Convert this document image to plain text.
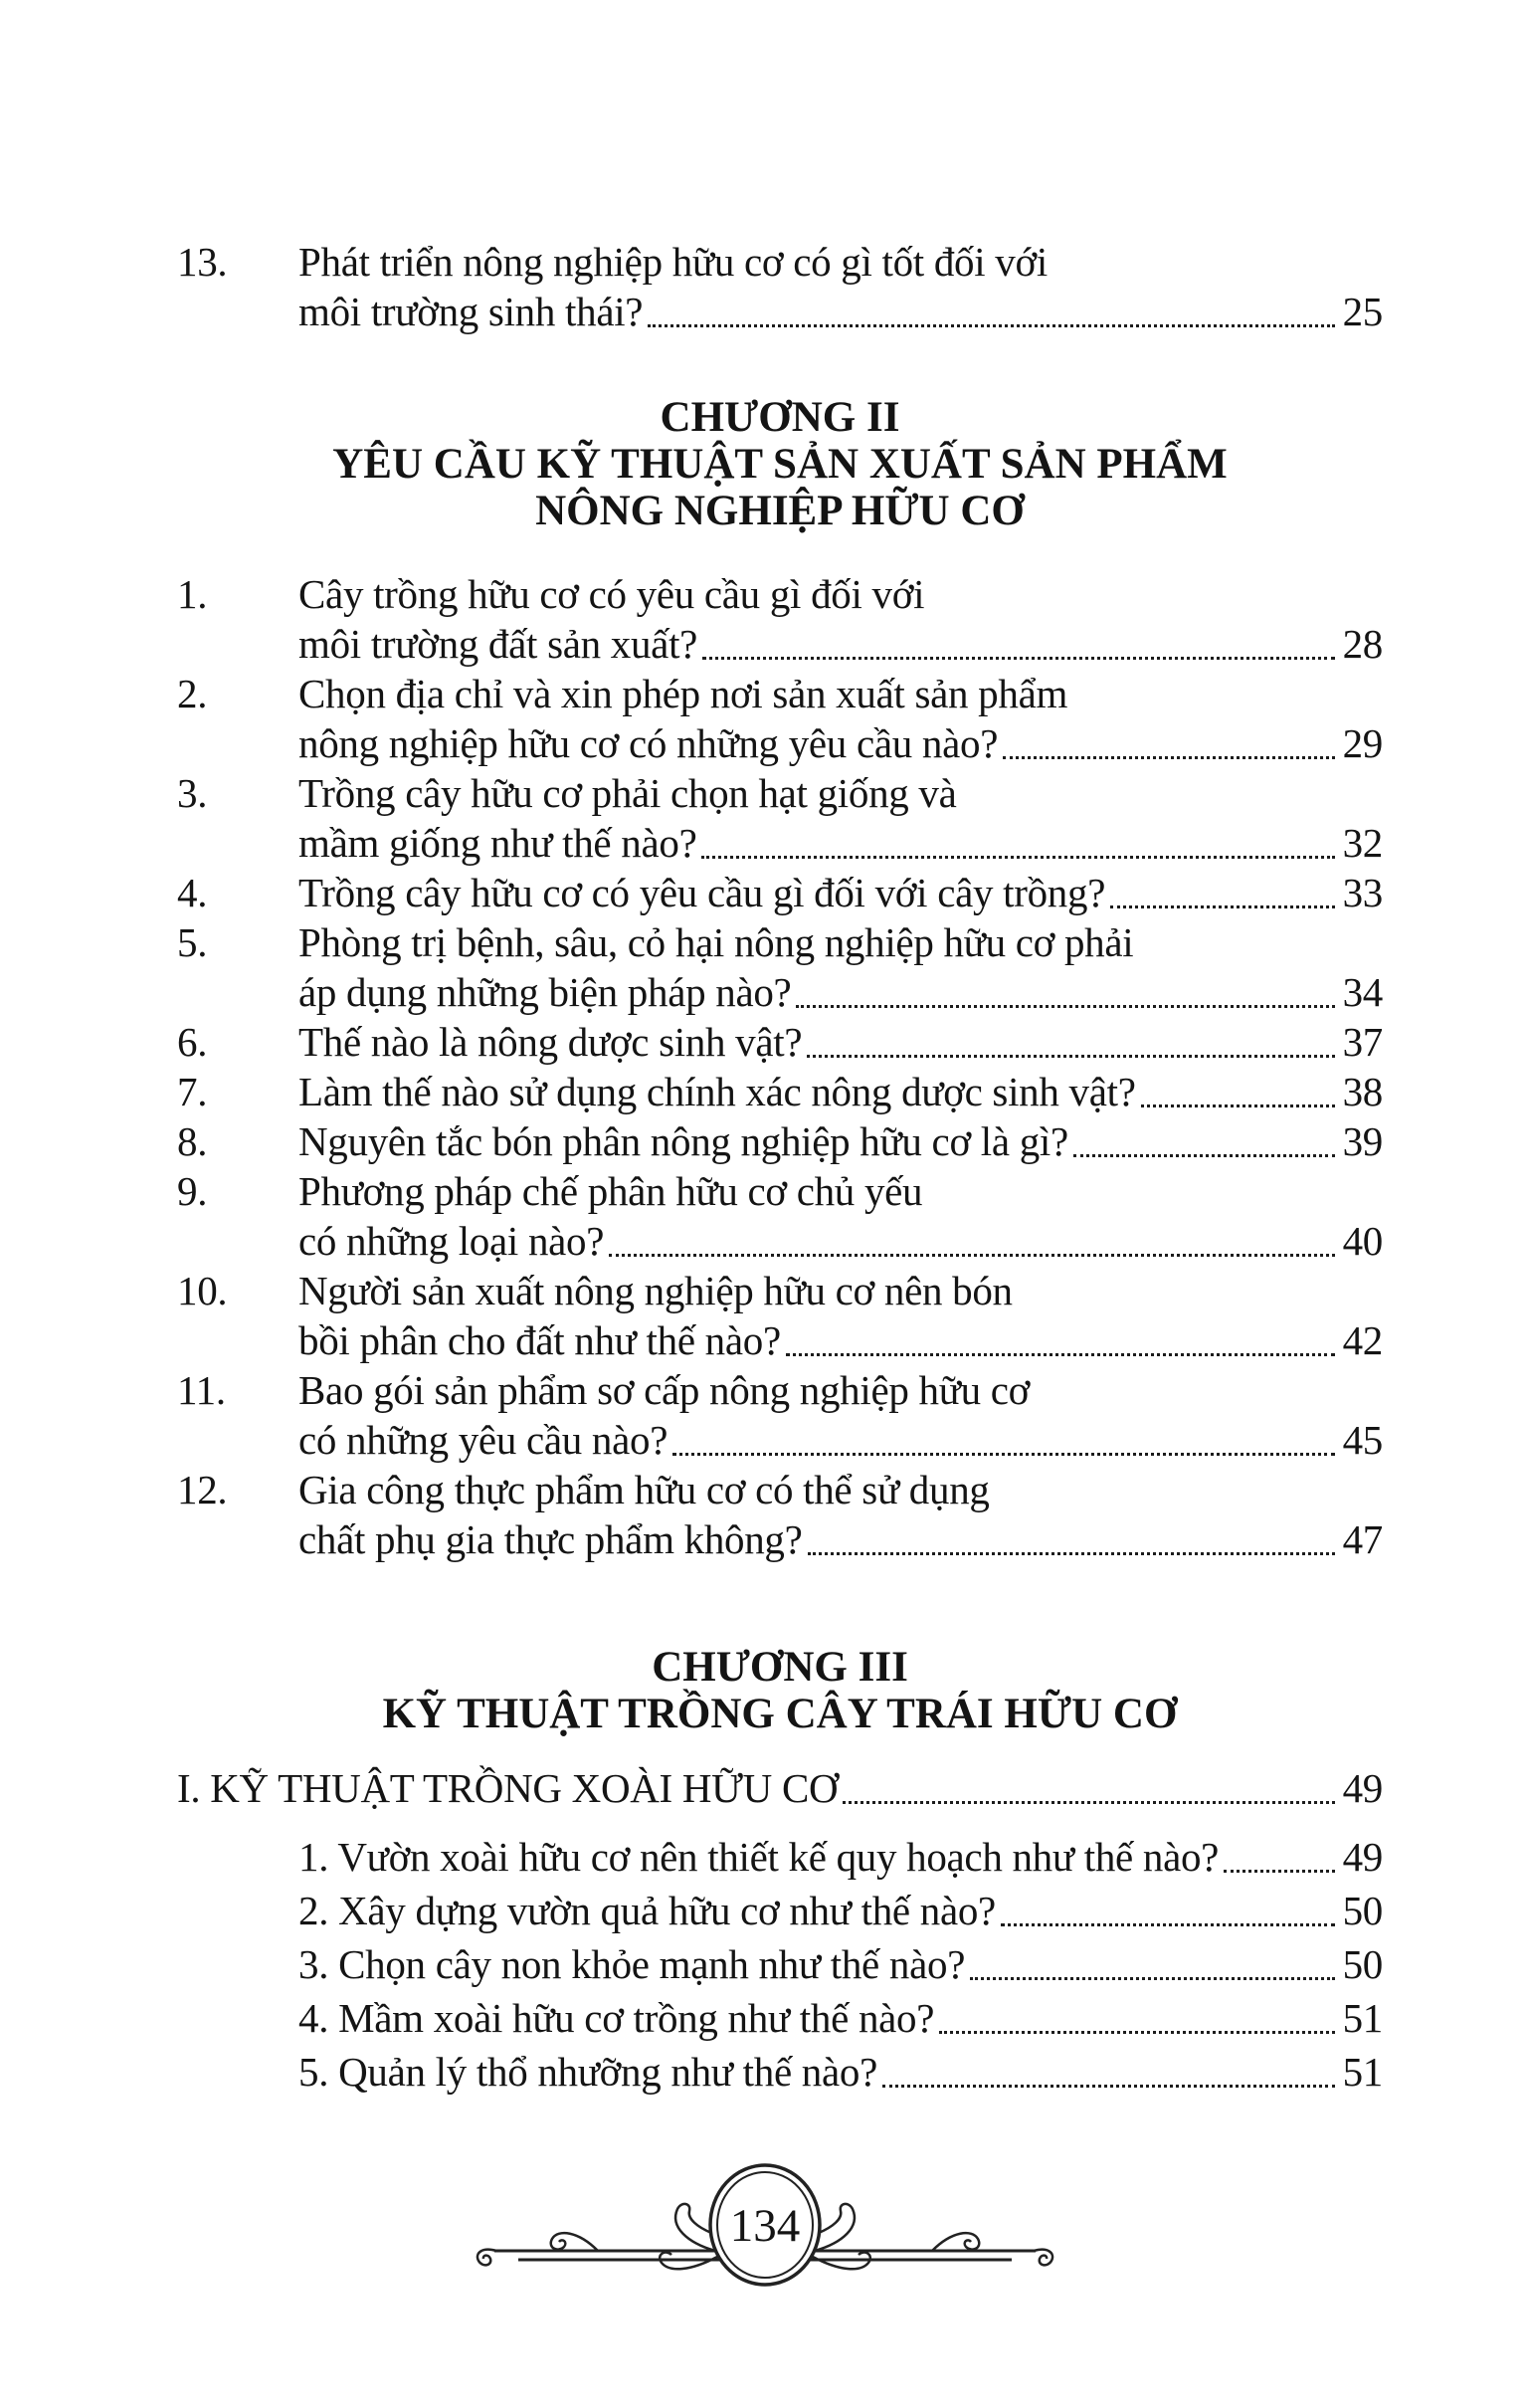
13.	Phát triển nông nghiệp hữu cơ có gì tốt đối với
môi trường sinh thái?	25
CHƯƠNG II
YÊU CẦU KỸ THUẬT SẢN XUẤT SẢN PHẨM
NÔNG NGHIỆP HỮU CƠ
1.	Cây trồng hữu cơ có yêu cầu gì đối với
môi trường đất sản xuất?	28
2.	Chọn địa chỉ và xin phép nơi sản xuất sản phẩm
nông nghiệp hữu cơ có những yêu cầu nào?	29
3.	Trồng cây hữu cơ phải chọn hạt giống và
mầm giống như thế nào?	32
4.	Trồng cây hữu cơ có yêu cầu gì đối với cây trồng?	33
5.	Phòng trị bệnh, sâu, cỏ hại nông nghiệp hữu cơ phải
áp dụng những biện pháp nào?	34
6.	Thế nào là nông dược sinh vật?	37
7.	Làm thế nào sử dụng chính xác nông dược sinh vật?	38
8.	Nguyên tắc bón phân nông nghiệp hữu cơ là gì?	39
9.	Phương pháp chế phân hữu cơ chủ yếu
có những loại nào?	40
10.	Người sản xuất nông nghiệp hữu cơ nên bón
bồi phân cho đất như thế nào?	42
11.	Bao gói sản phẩm sơ cấp nông nghiệp hữu cơ
có những yêu cầu nào?	45
12.	Gia công thực phẩm hữu cơ có thể sử dụng
chất phụ gia thực phẩm không?	47
CHƯƠNG III
KỸ THUẬT TRỒNG CÂY TRÁI HỮU CƠ
I. KỸ THUẬT TRỒNG XOÀI HỮU CƠ	49
1. Vườn xoài hữu cơ nên thiết kế quy hoạch như thế nào?	49
2. Xây dựng vườn quả hữu cơ như thế nào?	50
3. Chọn cây non khỏe mạnh như thế nào?	50
4. Mầm xoài hữu cơ trồng như thế nào?	51
5. Quản lý thổ nhưỡng như thế nào?	51
134
